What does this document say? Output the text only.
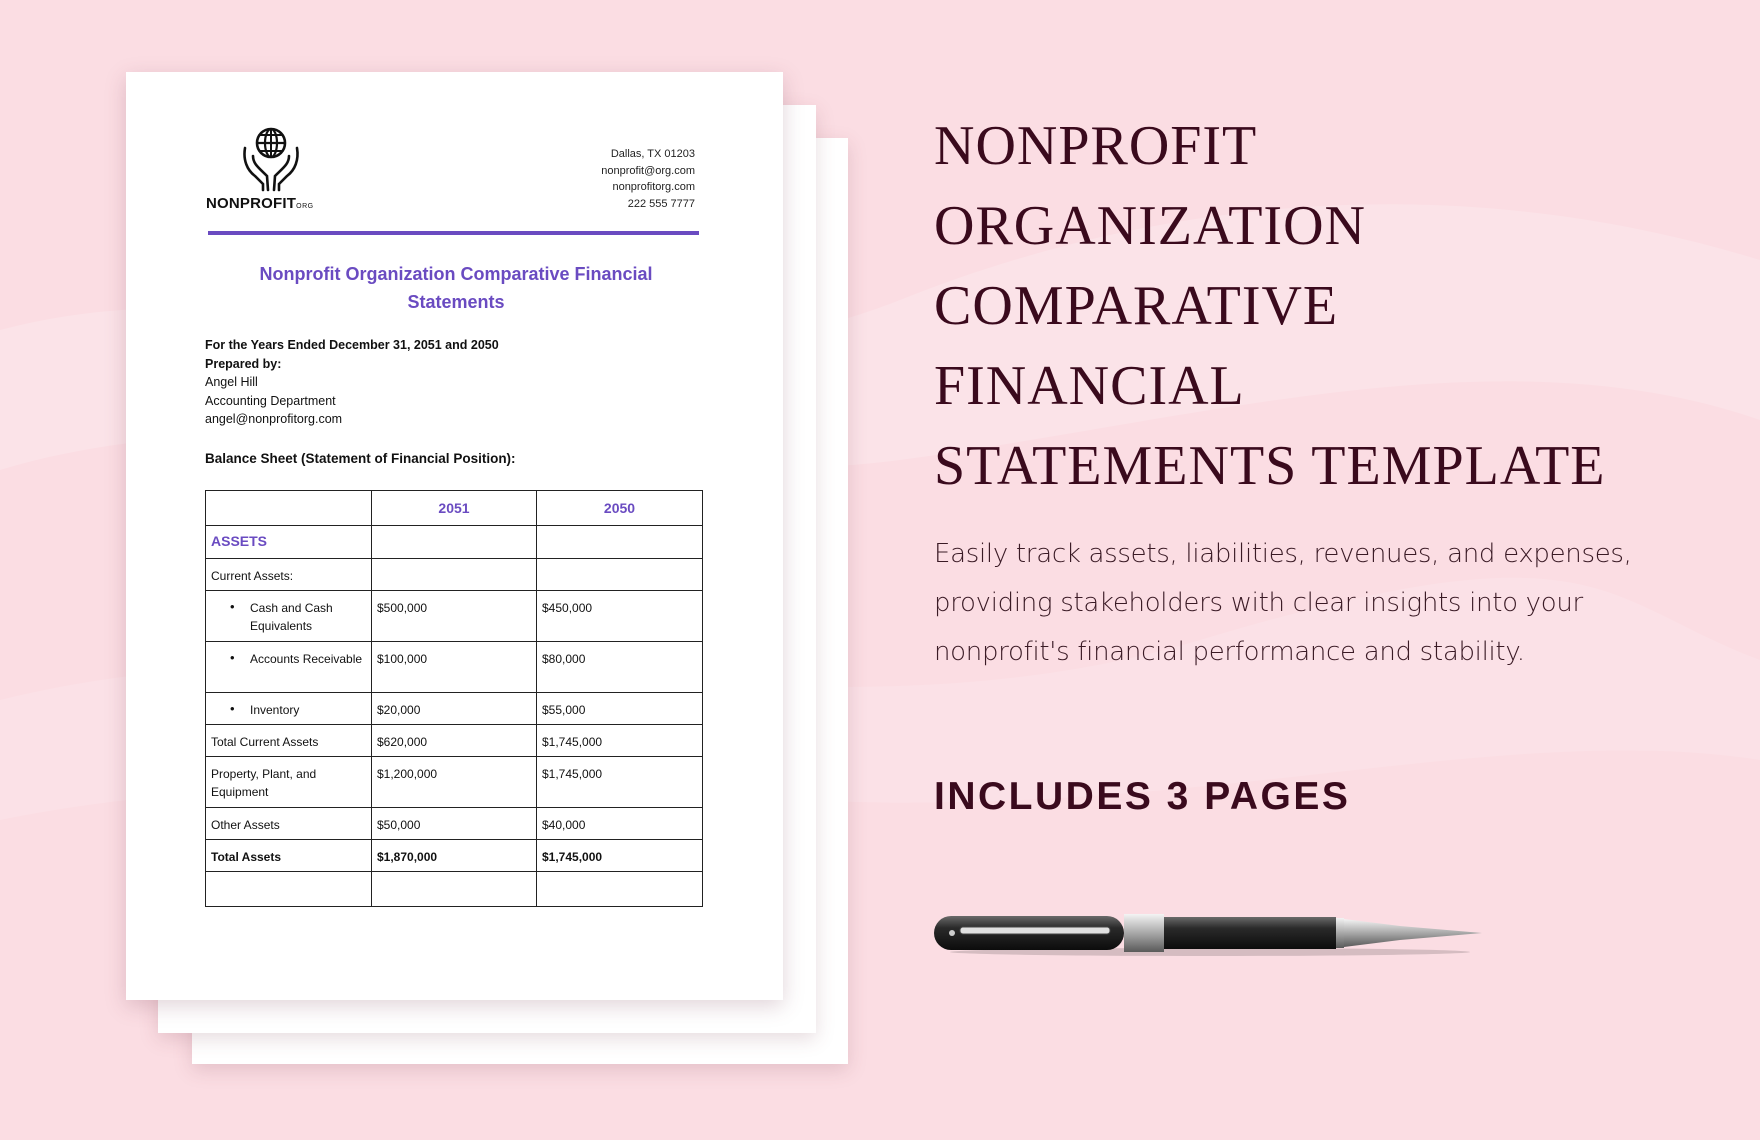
NONPROFITORG
Dallas, TX 01203
nonprofit@org.com
nonprofitorg.com
222 555 7777
Nonprofit Organization Comparative Financial Statements
For the Years Ended December 31, 2051 and 2050
Prepared by:
Angel Hill
Accounting Department
angel@nonprofitorg.com
Balance Sheet (Statement of Financial Position):
	2051	2050
ASSETS		
Current Assets:		
• Cash and Cash Equivalents	$500,000	$450,000
• Accounts Receivable	$100,000	$80,000
• Inventory	$20,000	$55,000
Total Current Assets	$620,000	$1,745,000
Property, Plant, and Equipment	$1,200,000	$1,745,000
Other Assets	$50,000	$40,000
Total Assets	$1,870,000	$1,745,000

NONPROFIT
ORGANIZATION
COMPARATIVE
FINANCIAL
STATEMENTS TEMPLATE
Easily track assets, liabilities, revenues, and expenses,
providing stakeholders with clear insights into your
nonprofit's financial performance and stability.
INCLUDES 3 PAGES
